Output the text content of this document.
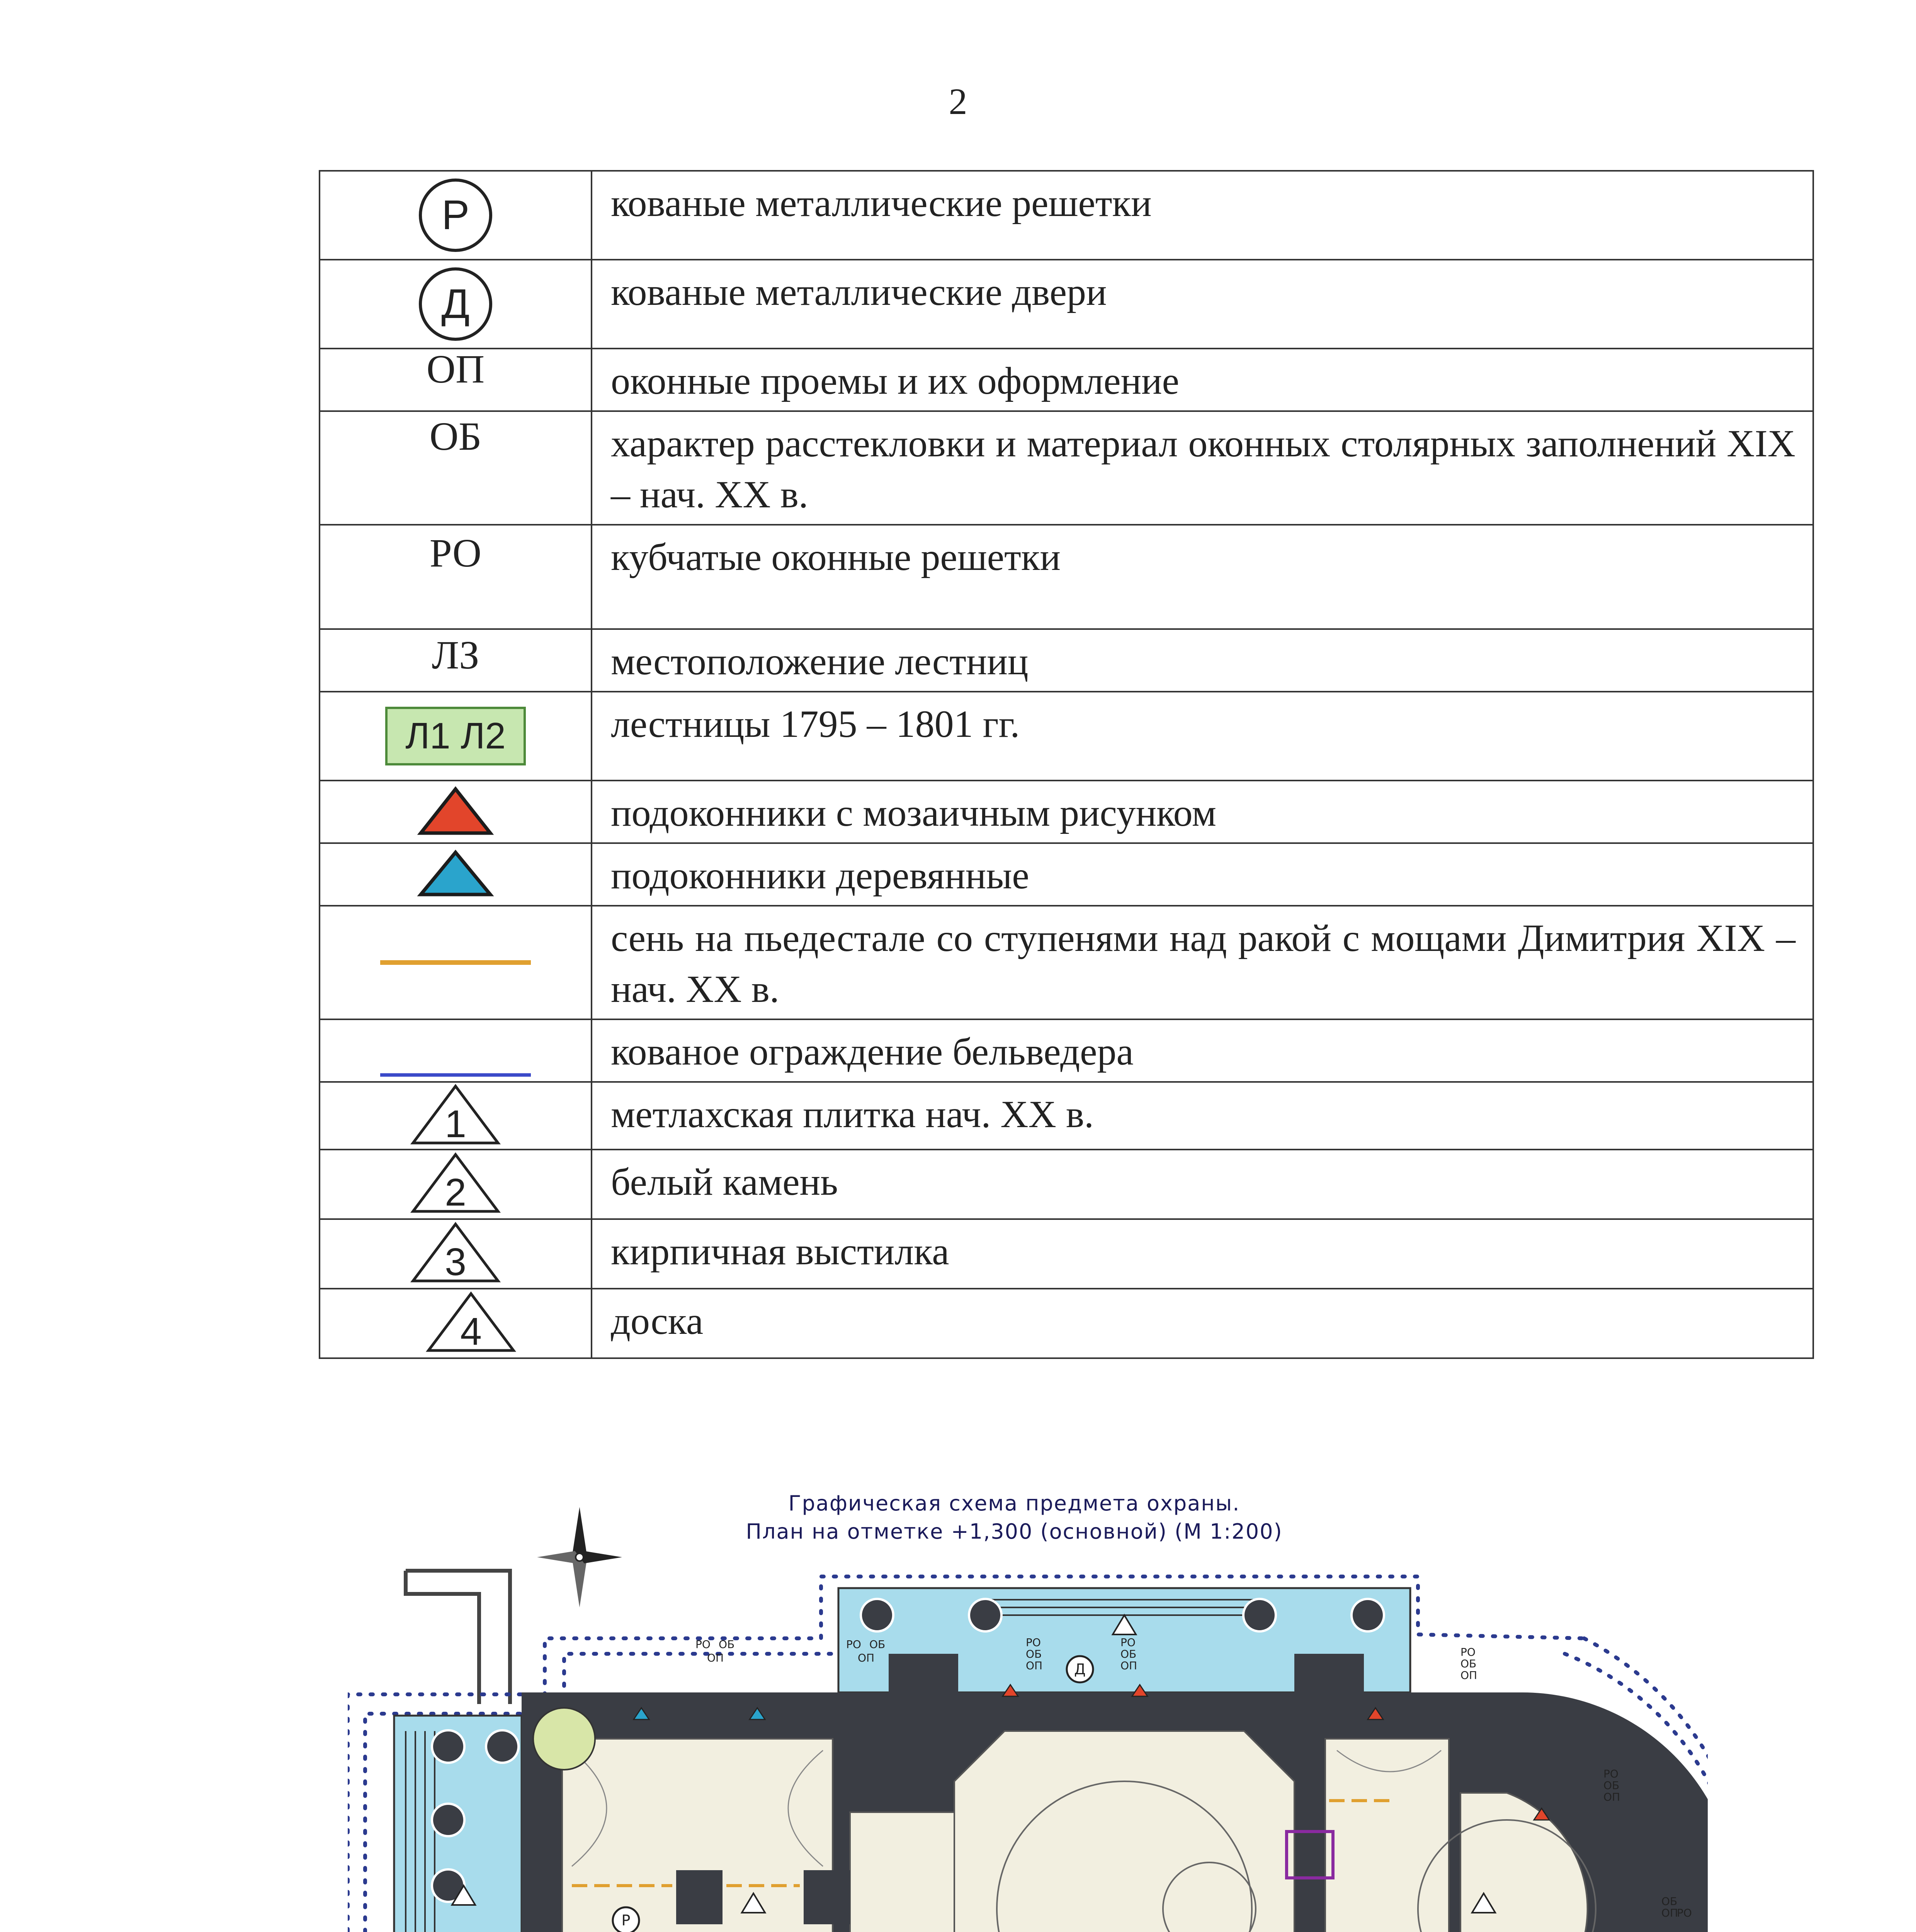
2
Р	кованые металлические решетки
Д	кованые металлические двери

ОП	оконные проемы и их оформление

ОБ	характер расстекловки и материал оконных столярных заполнений XIX – нач. XX в.

РО	кубчатые оконные решетки

ЛЗ	местоположение лестниц
Л1 Л2	лестницы 1795 – 1801 гг.
	подоконники с мозаичным рисунком
	подоконники деревянные
	сень на пьедестале со ступенями над ракой с мощами Димитрия XIX – нач. XX в.
	кованое ограждение бельведера

1	метлахская плитка нач. XX в.

2	белый камень

3	кирпичная выстилка

4	доска
Графическая схема предмета охраны.
План на отметке +1,300 (основной) (М 1:200)
Д
Р
РО ОБ
ОП
РО ОБ
ОП
РО
ОБ
ОП
РО
ОБ
ОП
РО
ОБ
ОП
РО
ОБ
ОП
ОБ
ОП
РО
